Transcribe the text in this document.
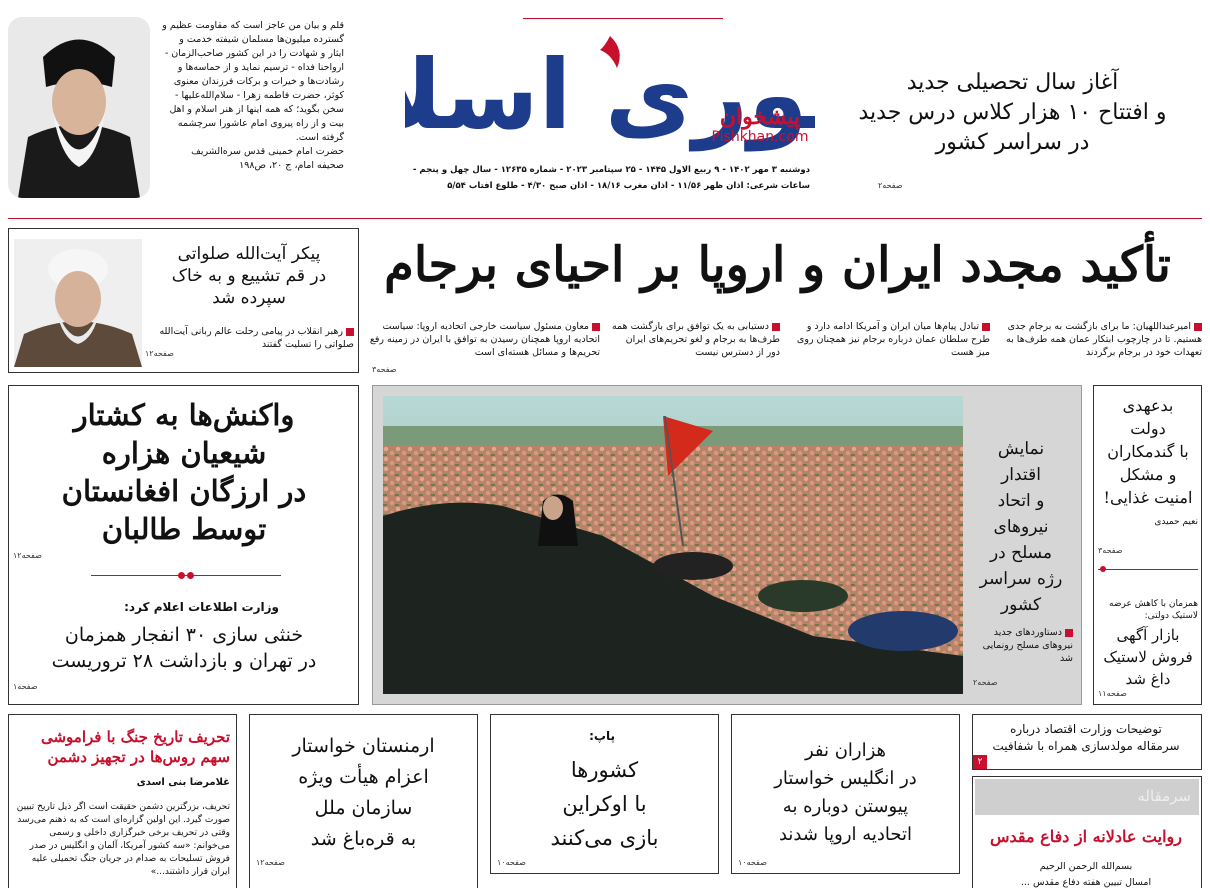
قلم و بیان من عاجز است که مقاومت عظیم و گسترده میلیون‌ها مسلمان شیفته خدمت و ایثار و شهادت را در این کشور صاحب‌الزمان - ارواحنا فداه - ترسیم نماید و از حماسه‌ها و رشادت‌ها و خیرات و برکات فرزندان معنوی کوثر، حضرت فاطمه زهرا - سلام‌الله‌علیها - سخن بگوید؛ که همه اینها از هنر اسلام و اهل بیت و از راه پیروی امام عاشورا سرچشمه گرفته است.
حضرت امام خمینی قدس سره‌الشریف
صحیفه امام، ج ۲۰، ص۱۹۸
وری اسل	پیشخوان
Pishkhan.com
دوشنبه ۳ مهر ۱۴۰۲ - ۹ ربیع الاول ۱۴۴۵ - ۲۵ سپتامبر ۲۰۲۳ - شماره ۱۲۶۳۵ - سال چهل و پنجم -
ساعات شرعی: اذان ظهر ۱۱/۵۶ - اذان مغرب ۱۸/۱۶ - اذان صبح ۴/۳۰ - طلوع آفتاب ۵/۵۴
آغاز سال تحصیلی جدید
و افتتاح ۱۰ هزار کلاس درس جدید
در سراسر کشور
صفحه۲
تأکید مجدد ایران و اروپا بر احیای برجام
امیرعبداللهیان: ما برای بازگشت به برجام جدی هستیم. تا در چارچوب ابتکار عمان همه طرف‌ها به تعهدات خود در برجام برگردند
تبادل پیام‌ها میان ایران و آمریکا ادامه دارد و طرح سلطان عمان درباره برجام نیز همچنان روی میز هست
دستیابی به یک توافق برای بازگشت همه طرف‌ها به برجام و لغو تحریم‌های ایران دور از دسترس نیست
معاون مسئول سیاست خارجی اتحادیه اروپا: سیاست اتحادیه اروپا همچنان رسیدن به توافق با ایران در زمینه رفع تحریم‌ها و مسائل هسته‌ای است
صفحه۳
پیکر آیت‌الله صلواتی
در قم تشییع و به خاک
سپرده شد
رهبر انقلاب در پیامی رحلت عالم ربانی آیت‌الله صلواتی را تسلیت گفتند
صفحه۱۲
واکنش‌ها به کشتار
شیعیان هزاره
در ارزگان افغانستان
توسط طالبان
صفحه۱۲
وزارت اطلاعات اعلام کرد:
خنثی سازی ۳۰ انفجار همزمان
در تهران و بازداشت ۲۸ تروریست
صفحه۱
نمایش
اقتدار
و اتحاد
نیروهای
مسلح در
رژه سراسر
کشور
دستاوردهای جدید نیروهای مسلح رونمایی شد
صفحه۲
بدعهدی
دولت
با گندمکاران
و مشکل
امنیت غذایی!
نعیم حمیدی
صفحه۳
همزمان با کاهش عرضه لاستیک دولتی:
بازار آگهی
فروش لاستیک
داغ شد
صفحه۱۱
تحریف تاریخ جنگ با فراموشی
سهم روس‌ها در تجهیز دشمن
غلامرضا بنی اسدی
تحریف، بزرگترین دشمن حقیقت است اگر ذیل تاریخ تبیین صورت گیرد. این اولین گزاره‌ای است که به ذهنم می‌رسد وقتی در تحریف برخی خبرگزاری داخلی و رسمی می‌خوانم: «سه کشور آمریکا، آلمان و انگلیس در صدر فروش تسلیحات به صدام در جریان جنگ تحمیلی علیه ایران قرار داشتند...»
ارمنستان خواستار
اعزام هیأت ویژه
سازمان ملل
به قره‌باغ شد
صفحه۱۲
پاپ:
کشورها
با اوکراین
بازی می‌کنند
صفحه۱۰
هزاران نفر
در انگلیس خواستار
پیوستن دوباره به
اتحادیه اروپا شدند
صفحه۱۰
توضیحات وزارت اقتصاد درباره
سرمقاله مولدسازی همراه با شفافیت
۲
سرمقاله
روایت عادلانه از دفاع مقدس
بسم‌الله الرحمن الرحیم
امسال تبیین هفته دفاع مقدس ...
